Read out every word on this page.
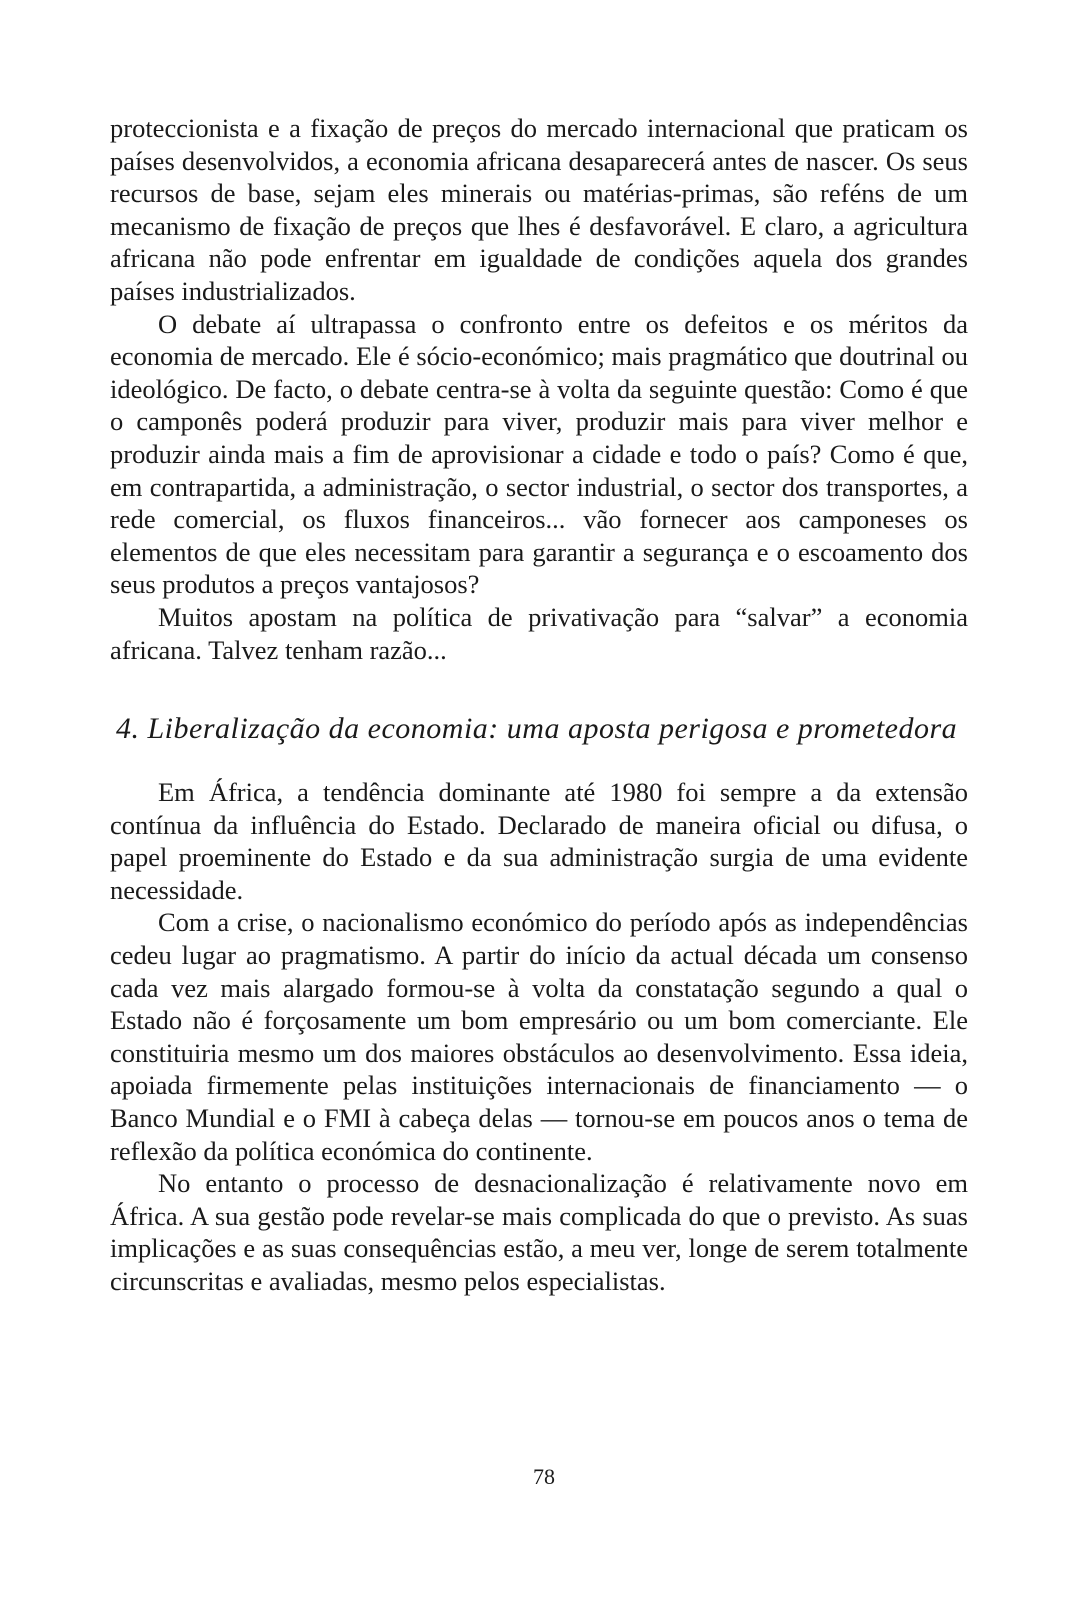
proteccionista e a fixação de preços do mercado internacional que praticam os países desenvolvidos, a economia africana desaparecerá antes de nascer. Os seus recursos de base, sejam eles minerais ou matérias-primas, são reféns de um mecanismo de fixação de preços que lhes é desfavorável. E claro, a agricultura africana não pode enfrentar em igualdade de condições aquela dos grandes países industrializados.

O debate aí ultrapassa o confronto entre os defeitos e os méritos da economia de mercado. Ele é sócio-económico; mais pragmático que doutrinal ou ideológico. De facto, o debate centra-se à volta da seguinte questão: Como é que o camponês poderá produzir para viver, produzir mais para viver melhor e produzir ainda mais a fim de aprovisionar a cidade e todo o país? Como é que, em contrapartida, a administração, o sector industrial, o sector dos transportes, a rede comercial, os fluxos financeiros... vão fornecer aos camponeses os elementos de que eles necessitam para garantir a segurança e o escoamento dos seus produtos a preços vantajosos?

Muitos apostam na política de privativação para “salvar” a economia africana. Talvez tenham razão...

4. Liberalização da economia: uma aposta perigosa e prometedora

Em África, a tendência dominante até 1980 foi sempre a da extensão contínua da influência do Estado. Declarado de maneira oficial ou difusa, o papel proeminente do Estado e da sua administração surgia de uma evidente necessidade.

Com a crise, o nacionalismo económico do período após as independências cedeu lugar ao pragmatismo. A partir do início da actual década um consenso cada vez mais alargado formou-se à volta da constatação segundo a qual o Estado não é forçosamente um bom empresário ou um bom comerciante. Ele constituiria mesmo um dos maiores obstáculos ao desenvolvimento. Essa ideia, apoiada firmemente pelas instituições internacionais de financiamento — o Banco Mundial e o FMI à cabeça delas — tornou-se em poucos anos o tema de reflexão da política económica do continente.

No entanto o processo de desnacionalização é relativamente novo em África. A sua gestão pode revelar-se mais complicada do que o previsto. As suas implicações e as suas consequências estão, a meu ver, longe de serem totalmente circunscritas e avaliadas, mesmo pelos especialistas.

78
